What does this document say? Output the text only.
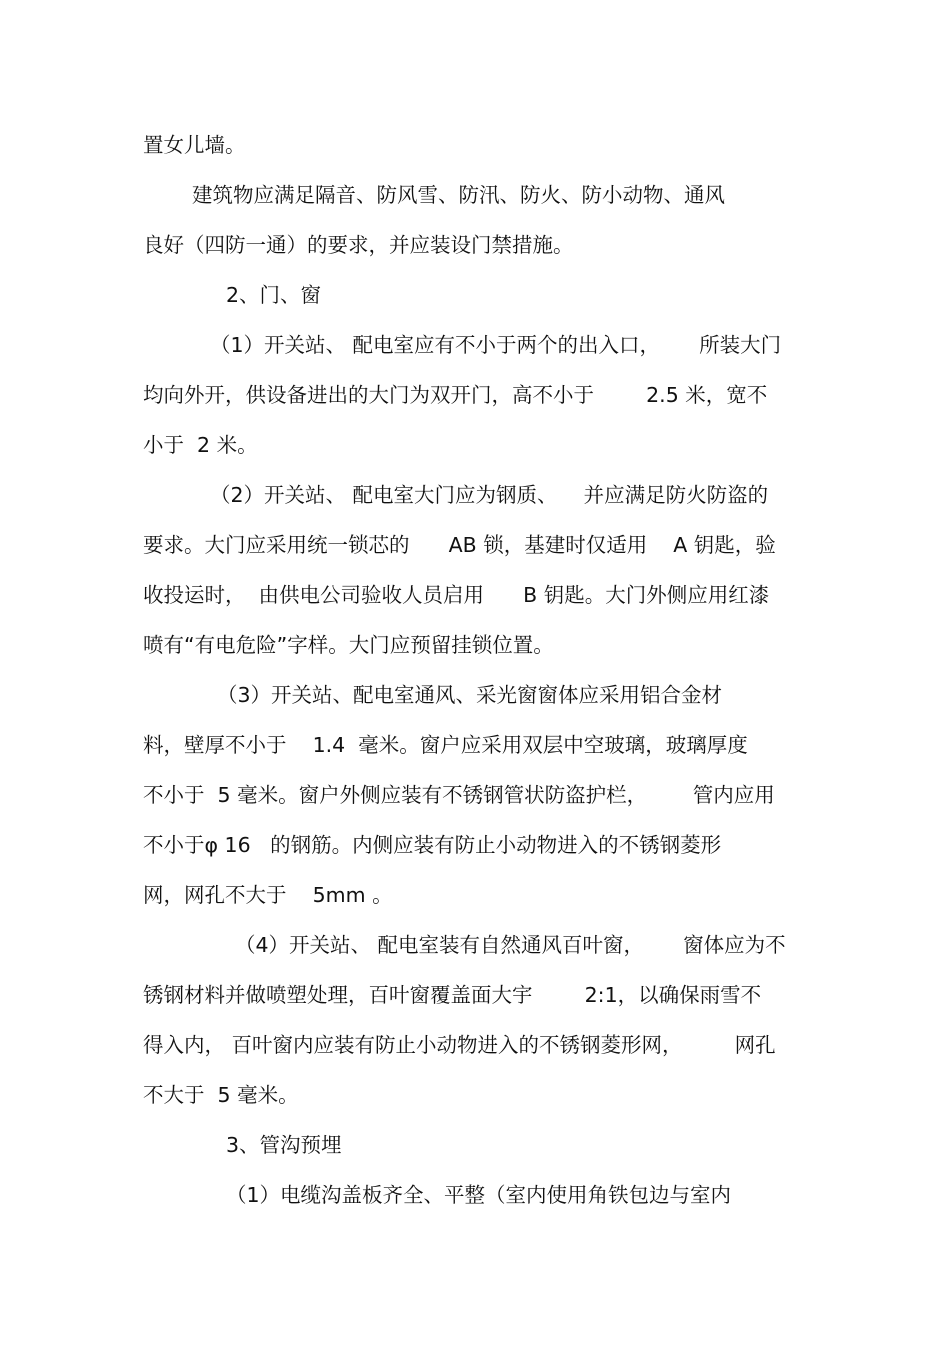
置女儿墙。
建筑物应满足隔音、防风雪、防汛、防火、防小动物、通风
良好（四防一通）的要求，并应装设门禁措施。
2、门、窗
（1）开关站、 配电室应有不小于两个的出入口，      所装大门
均向外开，供设备进出的大门为双开门，高不小于        2.5 米，宽不
小于  2 米。
（2）开关站、 配电室大门应为钢质、    并应满足防火防盗的
要求。大门应采用统一锁芯的      AB 锁，基建时仅适用    A 钥匙，验
收投运时，  由供电公司验收人员启用      B 钥匙。大门外侧应用红漆
喷有“有电危险”字样。大门应预留挂锁位置。
（3）开关站、配电室通风、采光窗窗体应采用铝合金材
料，壁厚不小于    1.4  毫米。窗户应采用双层中空玻璃，玻璃厚度
不小于  5 毫米。窗户外侧应装有不锈钢管状防盗护栏，       管内应用
不小于φ 16   的钢筋。内侧应装有防止小动物进入的不锈钢菱形
网，网孔不大于    5mm 。
（4）开关站、 配电室装有自然通风百叶窗，      窗体应为不
锈钢材料并做喷塑处理，百叶窗覆盖面大宇        2:1，以确保雨雪不
得入内， 百叶窗内应装有防止小动物进入的不锈钢菱形网，        网孔
不大于  5 毫米。
3、管沟预埋
（1）电缆沟盖板齐全、平整（室内使用角铁包边与室内
